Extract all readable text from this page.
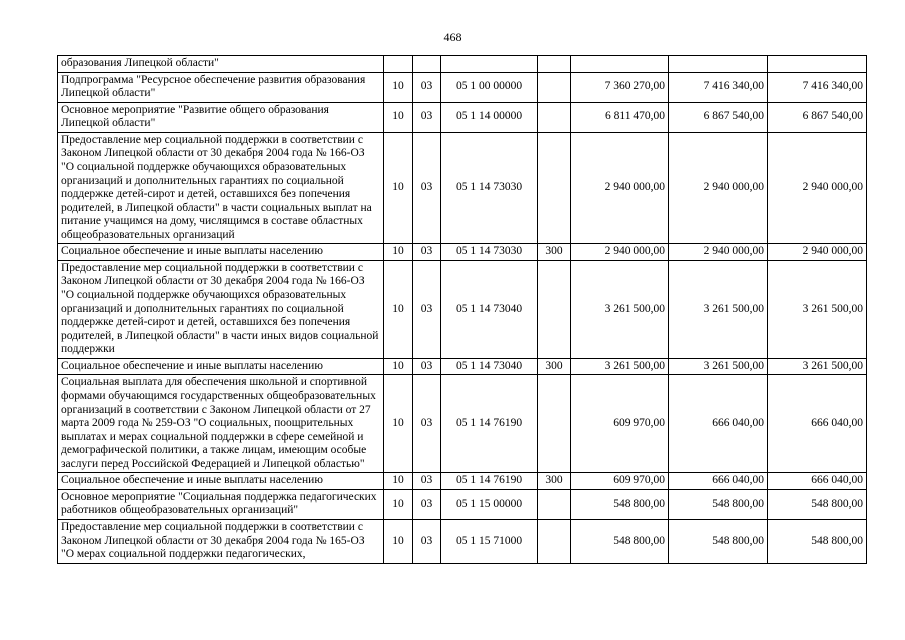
468
образования Липецкой области"							
Подпрограмма "Ресурсное обеспечение развития образования Липецкой области"	10	03	05 1 00 00000		7 360 270,00	7 416 340,00	7 416 340,00
Основное мероприятие "Развитие общего образования Липецкой области"	10	03	05 1 14 00000		6 811 470,00	6 867 540,00	6 867 540,00
Предоставление мер социальной поддержки в соответствии с Законом Липецкой области от 30 декабря 2004 года № 166-ОЗ "О социальной поддержке обучающихся образовательных организаций и дополнительных гарантиях по социальной поддержке детей-сирот и детей, оставшихся без попечения родителей, в Липецкой области" в части социальных выплат на питание учащимся на дому, числящимся в составе областных общеобразовательных организаций	10	03	05 1 14 73030		2 940 000,00	2 940 000,00	2 940 000,00
Социальное обеспечение и иные выплаты населению	10	03	05 1 14 73030	300	2 940 000,00	2 940 000,00	2 940 000,00
Предоставление мер социальной поддержки в соответствии с Законом Липецкой области от 30 декабря 2004 года № 166-ОЗ "О социальной поддержке обучающихся образовательных организаций и дополнительных гарантиях по социальной поддержке детей-сирот и детей, оставшихся без попечения родителей, в Липецкой области" в части иных видов социальной поддержки	10	03	05 1 14 73040		3 261 500,00	3 261 500,00	3 261 500,00
Социальное обеспечение и иные выплаты населению	10	03	05 1 14 73040	300	3 261 500,00	3 261 500,00	3 261 500,00
Социальная выплата для обеспечения школьной и спортивной формами обучающимся государственных общеобразовательных организаций в соответствии с Законом Липецкой области от 27 марта 2009 года № 259-ОЗ "О социальных, поощрительных выплатах и мерах социальной поддержки в сфере семейной и демографической политики, а также лицам, имеющим особые заслуги перед Российской Федерацией и Липецкой областью"	10	03	05 1 14 76190		609 970,00	666 040,00	666 040,00
Социальное обеспечение и иные выплаты населению	10	03	05 1 14 76190	300	609 970,00	666 040,00	666 040,00
Основное мероприятие "Социальная поддержка педагогических работников общеобразовательных организаций"	10	03	05 1 15 00000		548 800,00	548 800,00	548 800,00
Предоставление мер социальной поддержки в соответствии с Законом Липецкой области от 30 декабря 2004 года № 165-ОЗ "О мерах социальной поддержки педагогических,	10	03	05 1 15 71000		548 800,00	548 800,00	548 800,00
